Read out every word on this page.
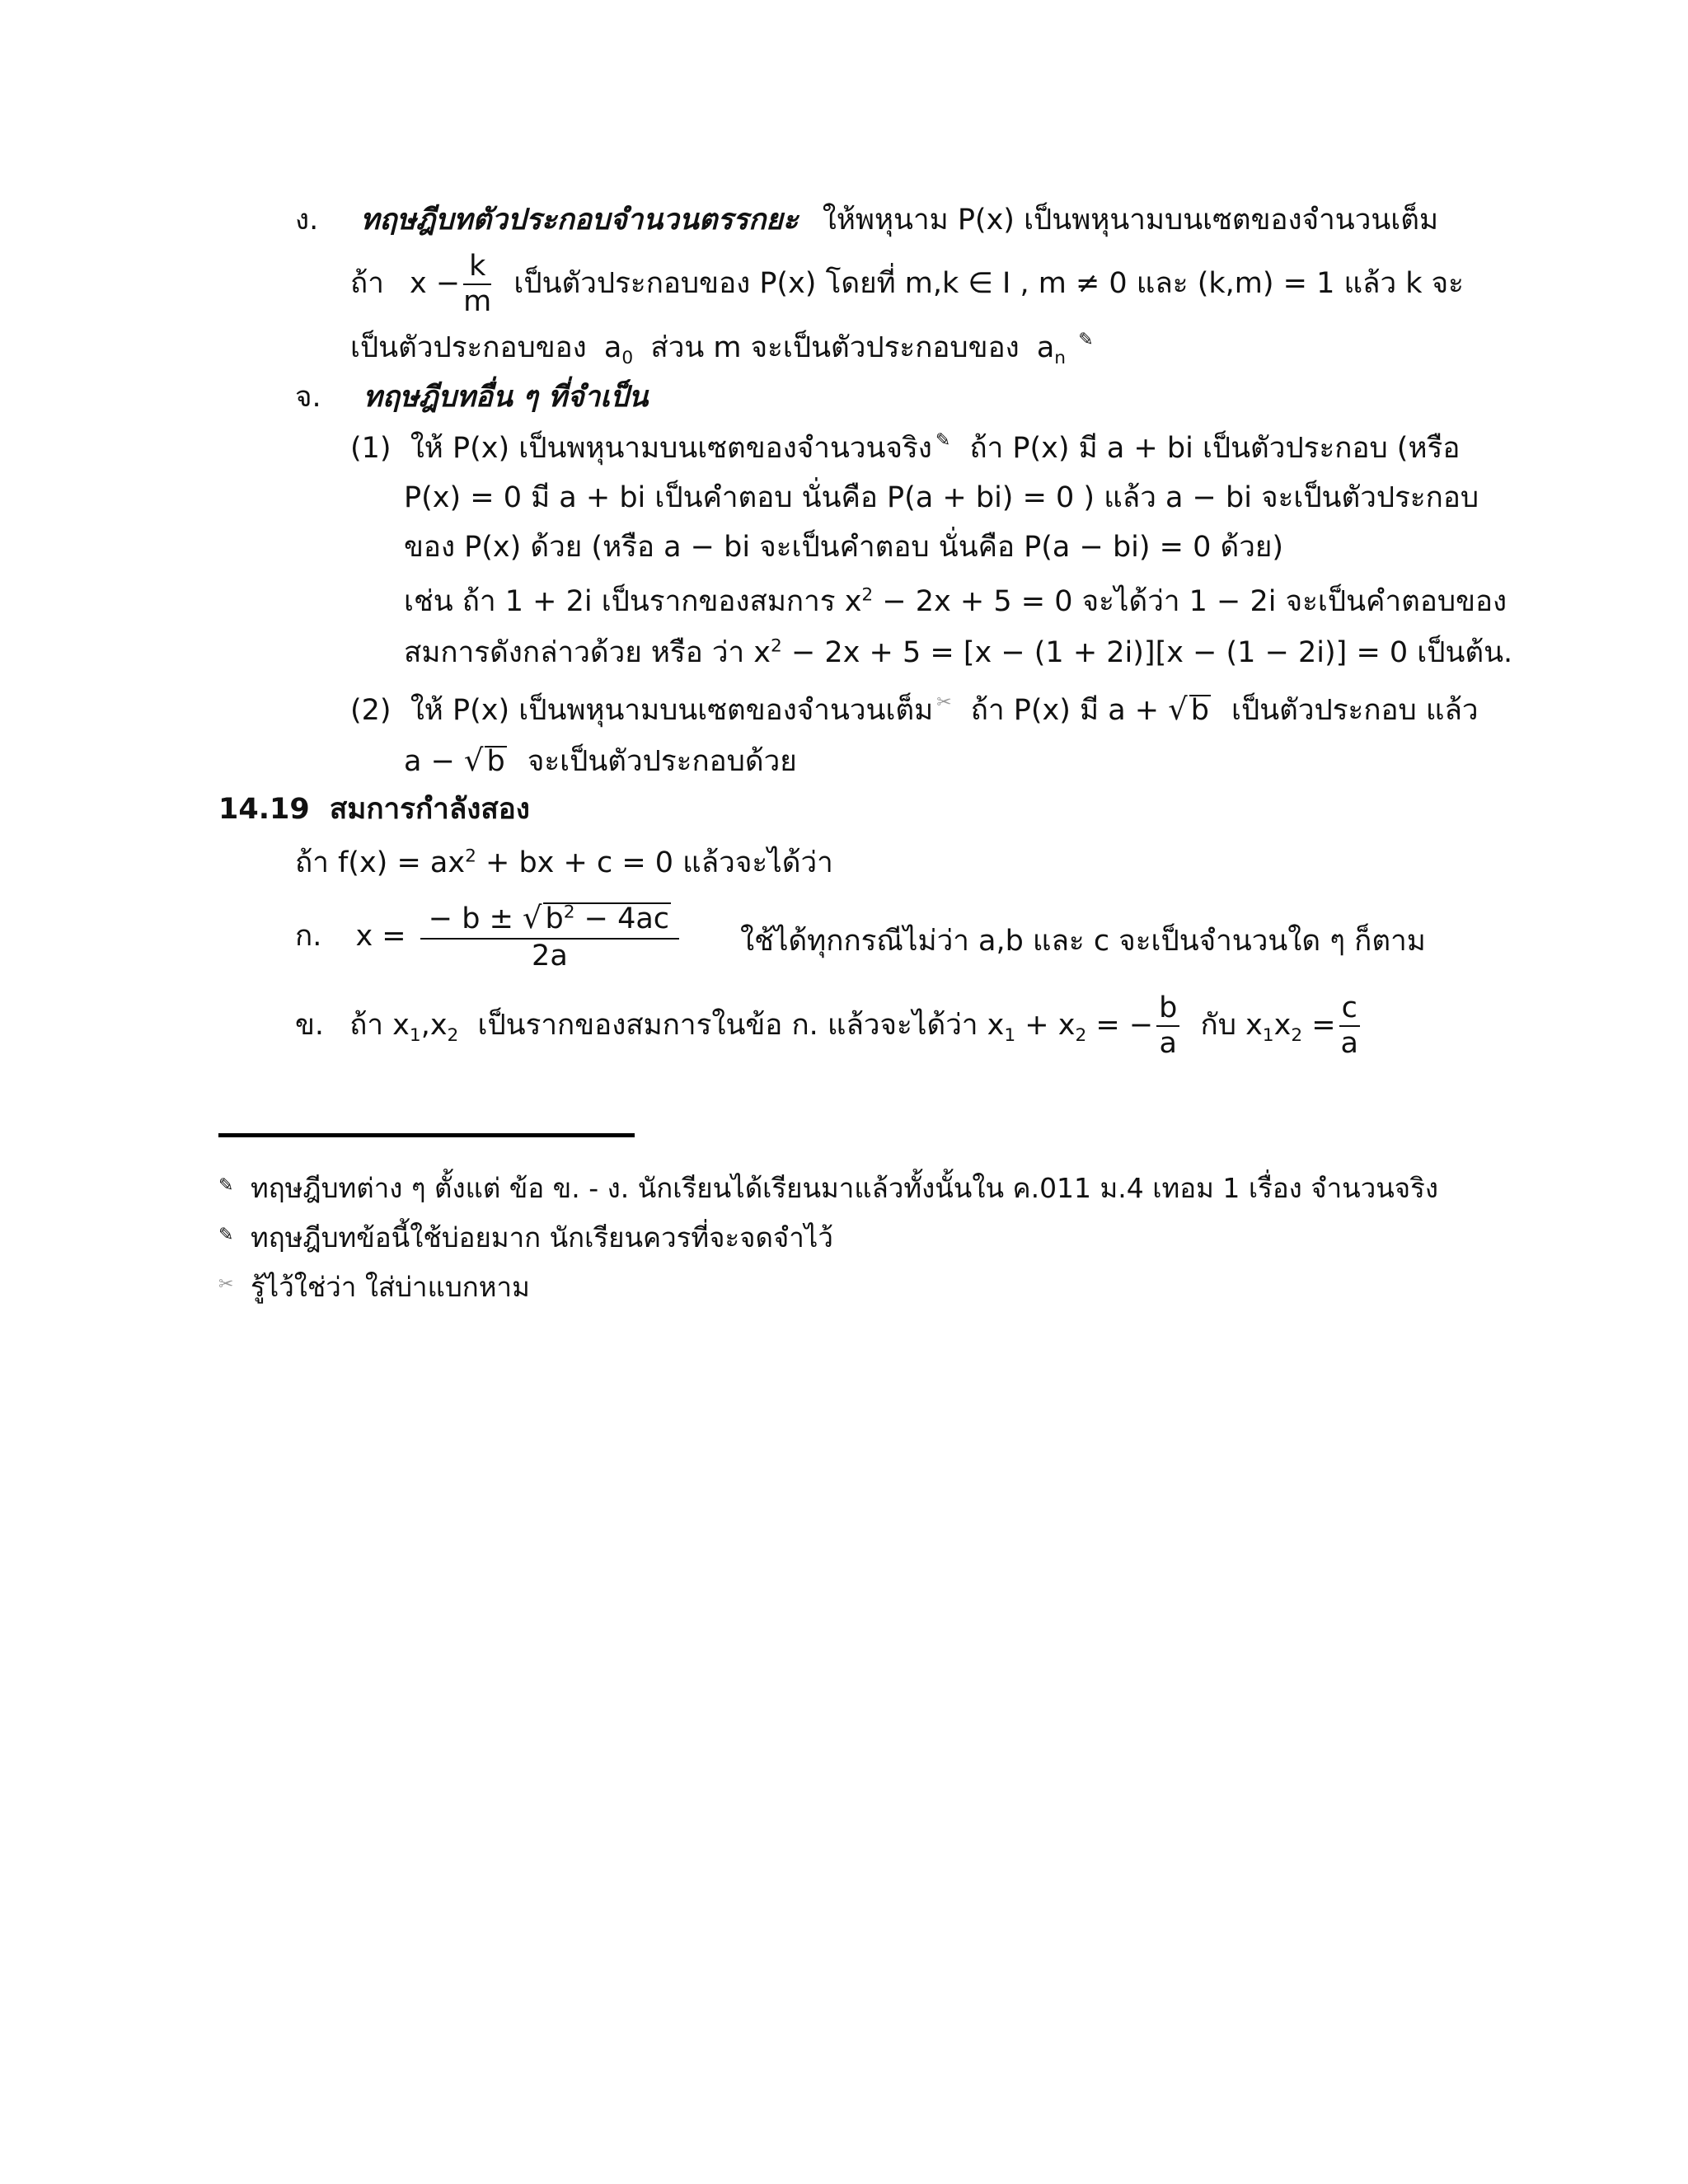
ง. ทฤษฎีบทตัวประกอบจำนวนตรรกยะ ให้พหุนาม P(x) เป็นพหุนามบนเซตของจำนวนเต็ม
ถ้า $x - \frac{k}{m}$ เป็นตัวประกอบของ P(x) โดยที่ m,k ∈ I , m ≠ 0 และ (k,m) = 1 แล้ว k จะ
เป็นตัวประกอบของ $a_0$ ส่วน m จะเป็นตัวประกอบของ $a_n$ ✎
จ. ทฤษฎีบทอื่น ๆ ที่จำเป็น
(1) ให้ P(x) เป็นพหุนามบนเซตของจำนวนจริง ✎ ถ้า P(x) มี a + bi เป็นตัวประกอบ (หรือ
P(x) = 0 มี a + bi เป็นคำตอบ นั่นคือ P(a + bi) = 0 ) แล้ว a − bi จะเป็นตัวประกอบ
ของ P(x) ด้วย (หรือ a − bi จะเป็นคำตอบ นั่นคือ P(a − bi) = 0 ด้วย)
เช่น ถ้า 1 + 2i เป็นรากของสมการ $x^2 - 2x + 5 = 0$ จะได้ว่า 1 − 2i จะเป็นคำตอบของ
สมการดังกล่าวด้วย หรือ ว่า $x^2 - 2x + 5 = [x - (1 + 2i)][x - (1 - 2i)] = 0$ เป็นต้น.
(2) ให้ P(x) เป็นพหุนามบนเซตของจำนวนเต็ม ✂ ถ้า P(x) มี a + √ b เป็นตัวประกอบ แล้ว
a − √ b จะเป็นตัวประกอบด้วย
14.19 สมการกำลังสอง
ถ้า $f(x) = ax^2$ + bx + c = 0 แล้วจะได้ว่า
ก. $x = \frac{- b \pm √ b^2 - 4ac}{2a}$ ใช้ได้ทุกกรณีไม่ว่า a,b และ c จะเป็นจำนวนใด ๆ ก็ตาม
ข. ถ้า $x_1,x_2$ เป็นรากของสมการในข้อ ก. แล้วจะได้ว่า $x_1 + x_2$ = − $\frac{b}{a}$ กับ $x_1x_2 = \frac{c}{a}$
✎ ทฤษฎีบทต่าง ๆ ตั้งแต่ ข้อ ข. - ง. นักเรียนได้เรียนมาแล้วทั้งนั้นใน ค.011 ม.4 เทอม 1 เรื่อง จำนวนจริง
✎ ทฤษฎีบทข้อนี้ใช้บ่อยมาก นักเรียนควรที่จะจดจำไว้
✂ รู้ไว้ใช่ว่า ใส่บ่าแบกหาม
